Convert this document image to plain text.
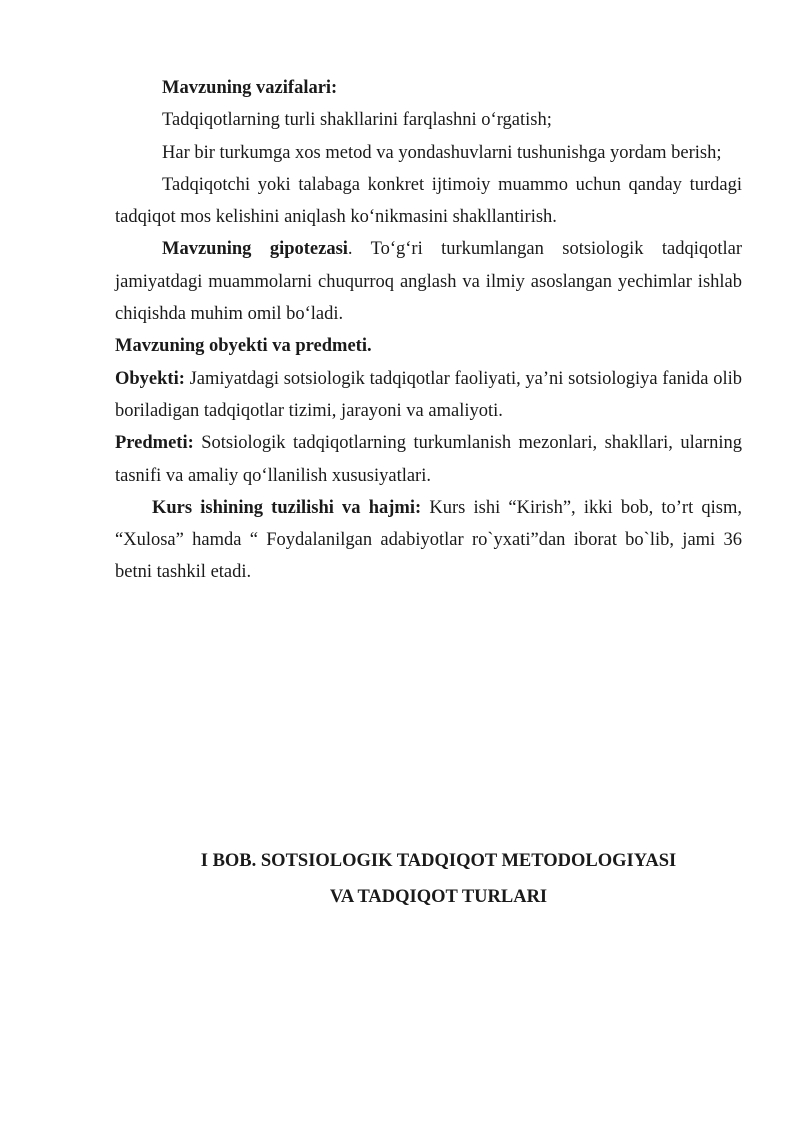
Mavzuning vazifalari:

Tadqiqotlarning turli shakllarini farqlashni o‘rgatish;

Har bir turkumga xos metod va yondashuvlarni tushunishga yordam berish;

Tadqiqotchi yoki talabaga konkret ijtimoiy muammo uchun qanday turdagi tadqiqot mos kelishini aniqlash ko‘nikmasini shakllantirish.

Mavzuning gipotezasi. To‘g‘ri turkumlangan sotsiologik tadqiqotlar jamiyatdagi muammolarni chuqurroq anglash va ilmiy asoslangan yechimlar ishlab chiqishda muhim omil bo‘ladi.

Mavzuning obyekti va predmeti.

Obyekti: Jamiyatdagi sotsiologik tadqiqotlar faoliyati, ya’ni sotsiologiya fanida olib boriladigan tadqiqotlar tizimi, jarayoni va amaliyoti.

Predmeti: Sotsiologik tadqiqotlarning turkumlanish mezonlari, shakllari, ularning tasnifi va amaliy qo‘llanilish xususiyatlari.

Kurs ishining tuzilishi va hajmi: Kurs ishi “Kirish”, ikki bob, to’rt qism, “Xulosa” hamda “ Foydalanilgan adabiyotlar ro`yxati”dan iborat bo`lib, jami 36 betni tashkil etadi.

I BOB. SOTSIOLOGIK TADQIQOT METODOLOGIYASI
VA TADQIQOT TURLARI
